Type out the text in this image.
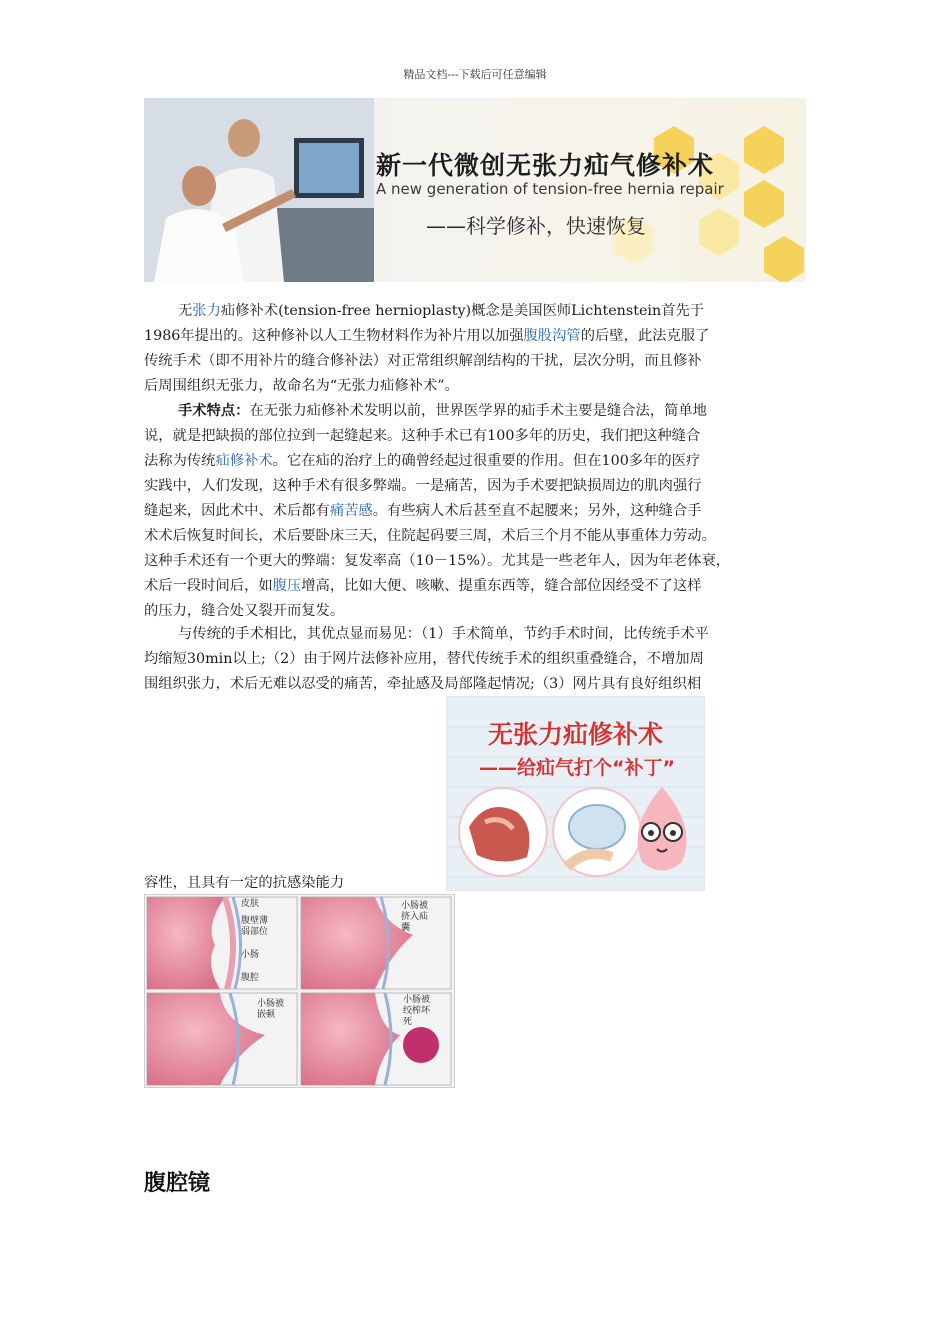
精品文档---下载后可任意编辑
新一代微创无张力疝气修补术
A new generation of tension-free hernia repair
——科学修补，快速恢复
无张力疝修补术(tension-free hernioplasty)概念是美国医师Lichtenstein首先于
1986年提出的。这种修补以人工生物材料作为补片用以加强腹股沟管的后壁，此法克服了
传统手术（即不用补片的缝合修补法）对正常组织解剖结构的干扰，层次分明，而且修补
后周围组织无张力，故命名为“无张力疝修补术”。
手术特点：在无张力疝修补术发明以前，世界医学界的疝手术主要是缝合法，简单地
说，就是把缺损的部位拉到一起缝起来。这种手术已有100多年的历史，我们把这种缝合
法称为传统疝修补术。它在疝的治疗上的确曾经起过很重要的作用。但在100多年的医疗
实践中，人们发现，这种手术有很多弊端。一是痛苦，因为手术要把缺损周边的肌肉强行
缝起来，因此术中、术后都有痛苦感。有些病人术后甚至直不起腰来；另外，这种缝合手
术术后恢复时间长，术后要卧床三天，住院起码要三周，术后三个月不能从事重体力劳动。
这种手术还有一个更大的弊端：复发率高（10－15%）。尤其是一些老年人，因为年老体衰，
术后一段时间后，如腹压增高，比如大便、咳嗽、提重东西等，缝合部位因经受不了这样
的压力，缝合处又裂开而复发。
与传统的手术相比，其优点显而易见：（1）手术简单，节约手术时间，比传统手术平
均缩短30min以上;（2）由于网片法修补应用，替代传统手术的组织重叠缝合，不增加周
围组织张力，术后无难以忍受的痛苦，牵扯感及局部隆起情况;（3）网片具有良好组织相
无张力疝修补术
——给疝气打个“补丁”
容性，且具有一定的抗感染能力
皮肤
腹壁薄
弱部位
小肠
腹腔
小肠被
挤入疝
囊
小肠被
嵌顿
小肠被
绞榨坏
死
腹腔镜
